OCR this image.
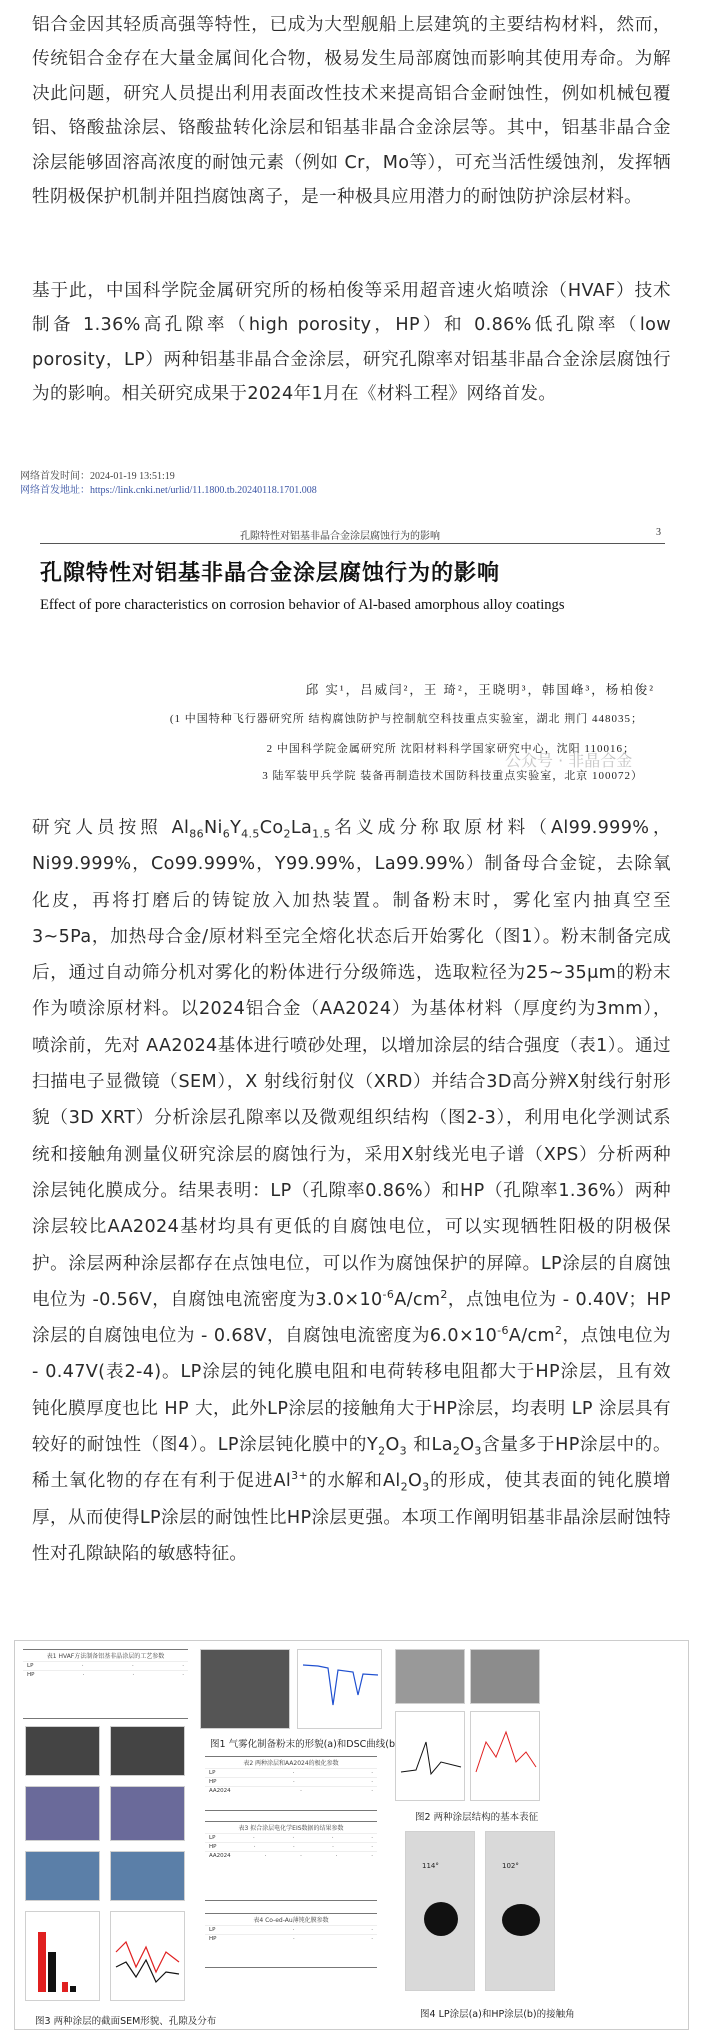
铝合金因其轻质高强等特性，已成为大型舰船上层建筑的主要结构材料，然而，传统铝合金存在大量金属间化合物，极易发生局部腐蚀而影响其使用寿命。为解决此问题，研究人员提出利用表面改性技术来提高铝合金耐蚀性，例如机械包覆铝、铬酸盐涂层、铬酸盐转化涂层和铝基非晶合金涂层等。其中，铝基非晶合金涂层能够固溶高浓度的耐蚀元素（例如 Cr，Mo等），可充当活性缓蚀剂，发挥牺牲阴极保护机制并阻挡腐蚀离子，是一种极具应用潜力的耐蚀防护涂层材料。
基于此，中国科学院金属研究所的杨柏俊等采用超音速火焰喷涂（HVAF）技术制备 1.36%高孔隙率（high porosity，HP）和 0.86%低孔隙率（low porosity，LP）两种铝基非晶合金涂层，研究孔隙率对铝基非晶合金涂层腐蚀行为的影响。相关研究成果于2024年1月在《材料工程》网络首发。
网络首发时间：2024-01-19 13:51:19
网络首发地址：https://link.cnki.net/urlid/11.1800.tb.20240118.1701.008
孔隙特性对铝基非晶合金涂层腐蚀行为的影响	3
孔隙特性对铝基非晶合金涂层腐蚀行为的影响
Effect of pore characteristics on corrosion behavior of Al-based amorphous alloy coatings
邱 实¹，吕威闫²，王 琦²，王晓明³，韩国峰³，杨柏俊²
(1 中国特种飞行器研究所 结构腐蚀防护与控制航空科技重点实验室，湖北 荆门 448035；
2 中国科学院金属研究所 沈阳材料科学国家研究中心，沈阳 110016；
3 陆军装甲兵学院 装备再制造技术国防科技重点实验室，北京 100072）
公众号 · 非晶合金
研究人员按照 $Al_{86}Ni_6Y_{4.5}Co_2La_{1.5}$名义成分称取原材料（Al99.999%，Ni99.999%，Co99.999%，Y99.99%，La99.99%）制备母合金锭，去除氧化皮，再将打磨后的铸锭放入加热装置。制备粉末时，雾化室内抽真空至3~5Pa，加热母合金/原材料至完全熔化状态后开始雾化（图1）。粉末制备完成后，通过自动筛分机对雾化的粉体进行分级筛选，选取粒径为25~35μm的粉末作为喷涂原材料。以2024铝合金（AA2024）为基体材料（厚度约为3mm），喷涂前，先对 AA2024基体进行喷砂处理，以增加涂层的结合强度（表1）。通过扫描电子显微镜（SEM），X 射线衍射仪（XRD）并结合3D高分辨X射线行射形貌（3D XRT）分析涂层孔隙率以及微观组织结构（图2-3），利用电化学测试系统和接触角测量仪研究涂层的腐蚀行为，采用X射线光电子谱（XPS）分析两种涂层钝化膜成分。结果表明：LP（孔隙率0.86%）和HP（孔隙率1.36%）两种涂层较比AA2024基材均具有更低的自腐蚀电位，可以实现牺牲阳极的阴极保护。涂层两种涂层都存在点蚀电位，可以作为腐蚀保护的屏障。LP涂层的自腐蚀电位为 -0.56V，自腐蚀电流密度为$3.0\times 10^{-6}A/cm^2$，点蚀电位为 - 0.40V；HP涂层的自腐蚀电位为 - 0.68V，自腐蚀电流密度为$6.0\times 10^{-6}A/cm^2$，点蚀电位为 - 0.47V(表2-4)。LP涂层的钝化膜电阻和电荷转移电阻都大于HP涂层，且有效钝化膜厚度也比 HP 大，此外LP涂层的接触角大于HP涂层，均表明 LP 涂层具有较好的耐蚀性（图4）。LP涂层钝化膜中的$Y_2O_3$ 和$La_2O_3$含量多于HP涂层中的。稀土氧化物的存在有利于促进$Al^{3+}$的水解和$Al_2O_3$的形成，使其表面的钝化膜增厚，从而使得LP涂层的耐蚀性比HP涂层更强。本项工作阐明铝基非晶涂层耐蚀特性对孔隙缺陷的敏感特征。
表1 HVAF方法制备铝基非晶涂层的工艺参数
LP	·	·	·
HP	·	·	·
图3 两种涂层的截面SEM形貌、孔隙及分布
图1 气雾化制备粉末的形貌(a)和DSC曲线(b)
表2 两种涂层和AA2024的极化参数
LP	·	·
HP	·	·
AA2024	·	·
表3 拟合涂层电化学EIS数据的结果参数
LP	·	·	·	·
HP	·	·	·	·
AA2024	·	·	·	·
表4 Co-ed-Au薄钝化膜参数
LP	·	·
HP	·	·
图2 两种涂层结构的基本表征
114°	102°
图4 LP涂层(a)和HP涂层(b)的接触角
